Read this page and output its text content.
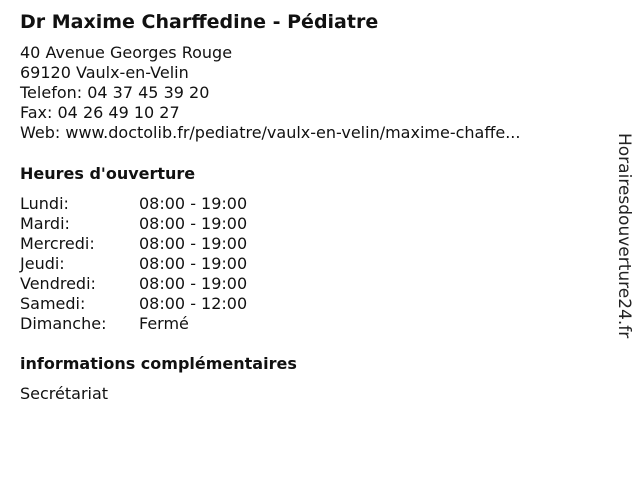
Dr Maxime Charffedine - Pédiatre
40 Avenue Georges Rouge
69120 Vaulx-en-Velin
Telefon: 04 37 45 39 20
Fax: 04 26 49 10 27
Web: www.doctolib.fr/pediatre/vaulx-en-velin/maxime-chaffe...
Heures d'ouverture
Lundi:	08:00 - 19:00
Mardi:	08:00 - 19:00
Mercredi:	08:00 - 19:00
Jeudi:	08:00 - 19:00
Vendredi:	08:00 - 19:00
Samedi:	08:00 - 12:00
Dimanche: Fermé
informations complémentaires
Secrétariat
Horairesdouverture24.fr
